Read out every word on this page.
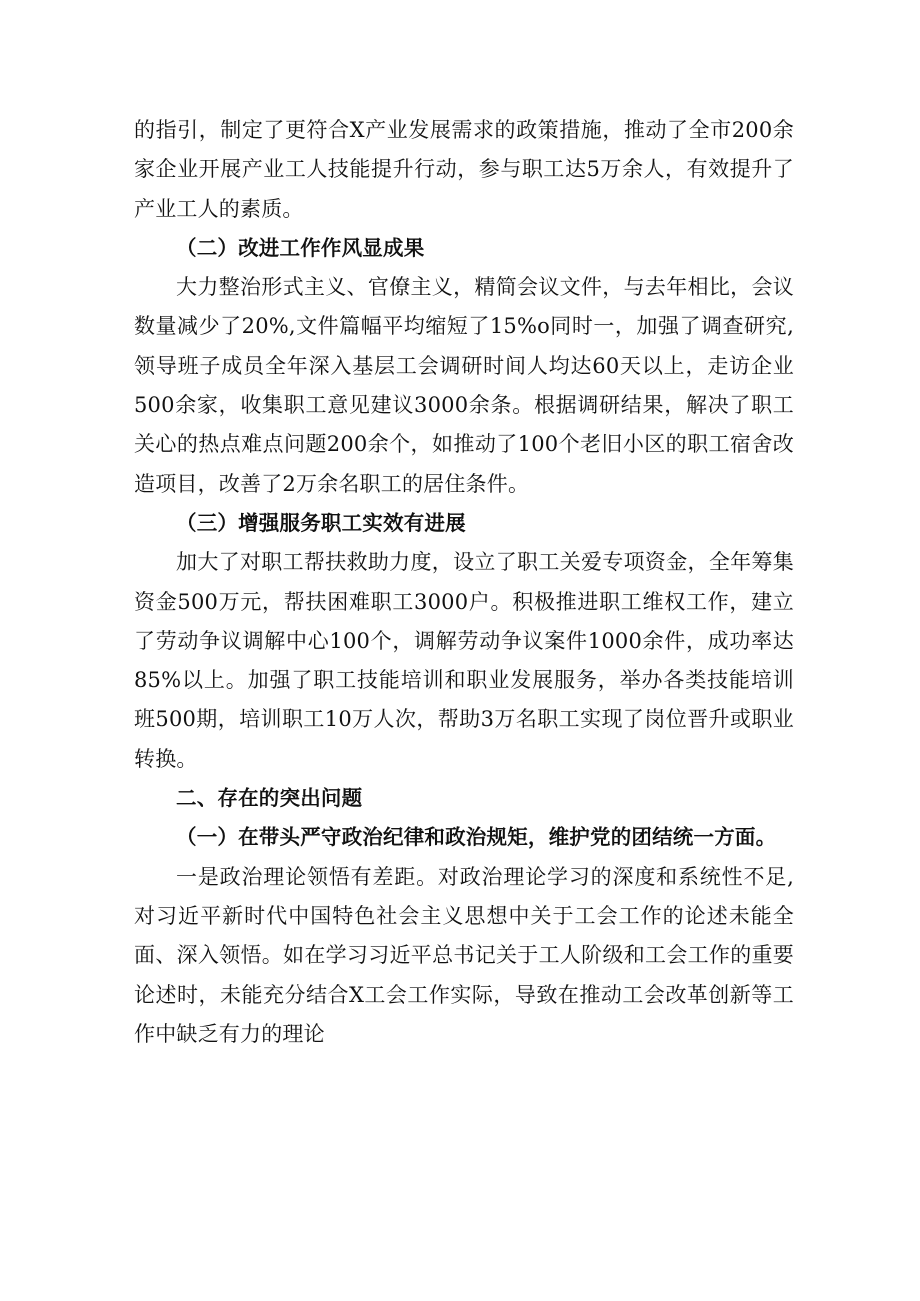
的指引，制定了更符合X产业发展需求的政策措施，推动了全市200余家企业开展产业工人技能提升行动，参与职工达5万余人，有效提升了产业工人的素质。

（二）改进工作作风显成果

大力整治形式主义、官僚主义，精简会议文件，与去年相比，会议数量减少了20%,文件篇幅平均缩短了15%o同时一，加强了调查研究,领导班子成员全年深入基层工会调研时间人均达60天以上，走访企业500余家，收集职工意见建议3000余条。根据调研结果，解决了职工关心的热点难点问题200余个，如推动了100个老旧小区的职工宿舍改造项目，改善了2万余名职工的居住条件。

（三）增强服务职工实效有进展

加大了对职工帮扶救助力度，设立了职工关爱专项资金，全年筹集资金500万元，帮扶困难职工3000户。积极推进职工维权工作，建立了劳动争议调解中心100个，调解劳动争议案件1000余件，成功率达85%以上。加强了职工技能培训和职业发展服务，举办各类技能培训班500期，培训职工10万人次，帮助3万名职工实现了岗位晋升或职业转换。

二、存在的突出问题

（一）在带头严守政治纪律和政治规矩，维护党的团结统一方面。

一是政治理论领悟有差距。对政治理论学习的深度和系统性不足,对习近平新时代中国特色社会主义思想中关于工会工作的论述未能全面、深入领悟。如在学习习近平总书记关于工人阶级和工会工作的重要论述时，未能充分结合X工会工作实际，导致在推动工会改革创新等工作中缺乏有力的理论
